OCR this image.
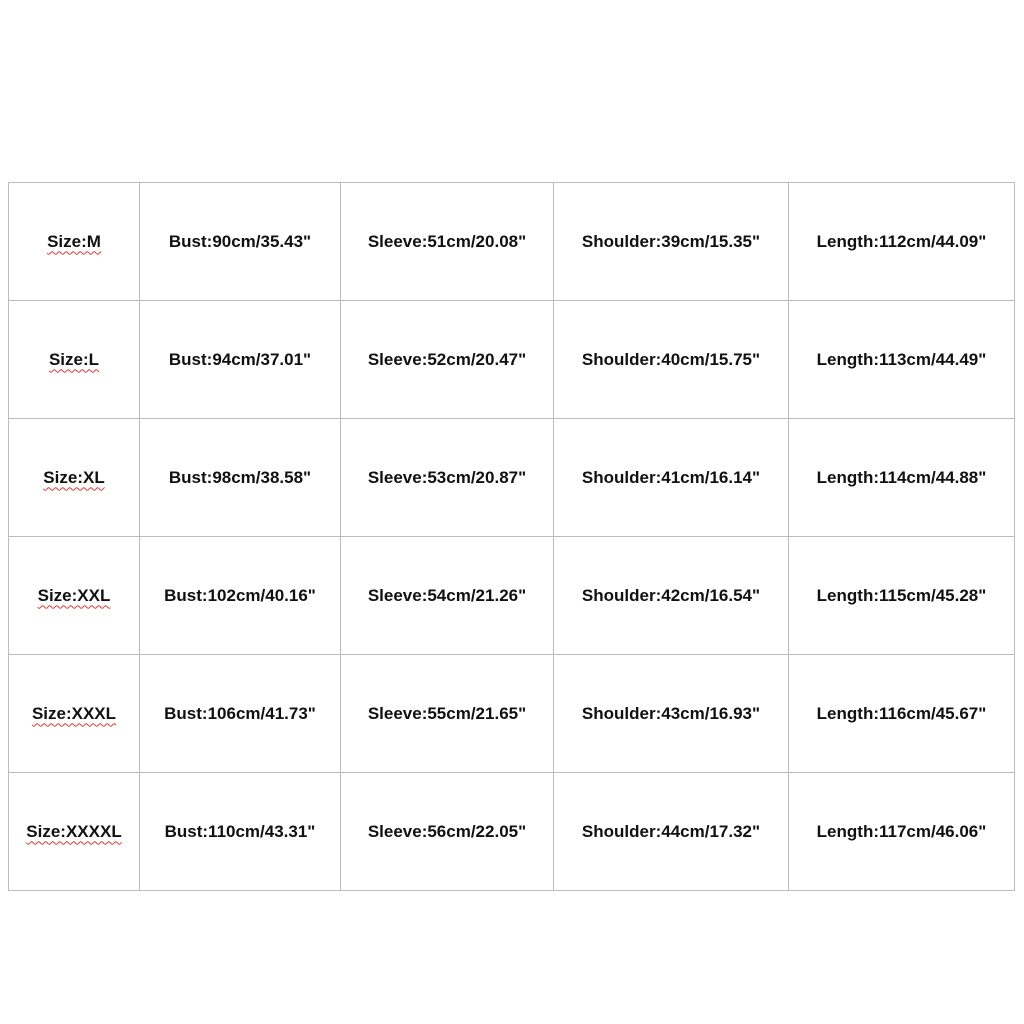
Size:M	Bust:90cm/35.43"	Sleeve:51cm/20.08"	Shoulder:39cm/15.35"	Length:112cm/44.09"
Size:L	Bust:94cm/37.01"	Sleeve:52cm/20.47"	Shoulder:40cm/15.75"	Length:113cm/44.49"
Size:XL	Bust:98cm/38.58"	Sleeve:53cm/20.87"	Shoulder:41cm/16.14"	Length:114cm/44.88"
Size:XXL	Bust:102cm/40.16"	Sleeve:54cm/21.26"	Shoulder:42cm/16.54"	Length:115cm/45.28"
Size:XXXL	Bust:106cm/41.73"	Sleeve:55cm/21.65"	Shoulder:43cm/16.93"	Length:116cm/45.67"
Size:XXXXL	Bust:110cm/43.31"	Sleeve:56cm/22.05"	Shoulder:44cm/17.32"	Length:117cm/46.06"
